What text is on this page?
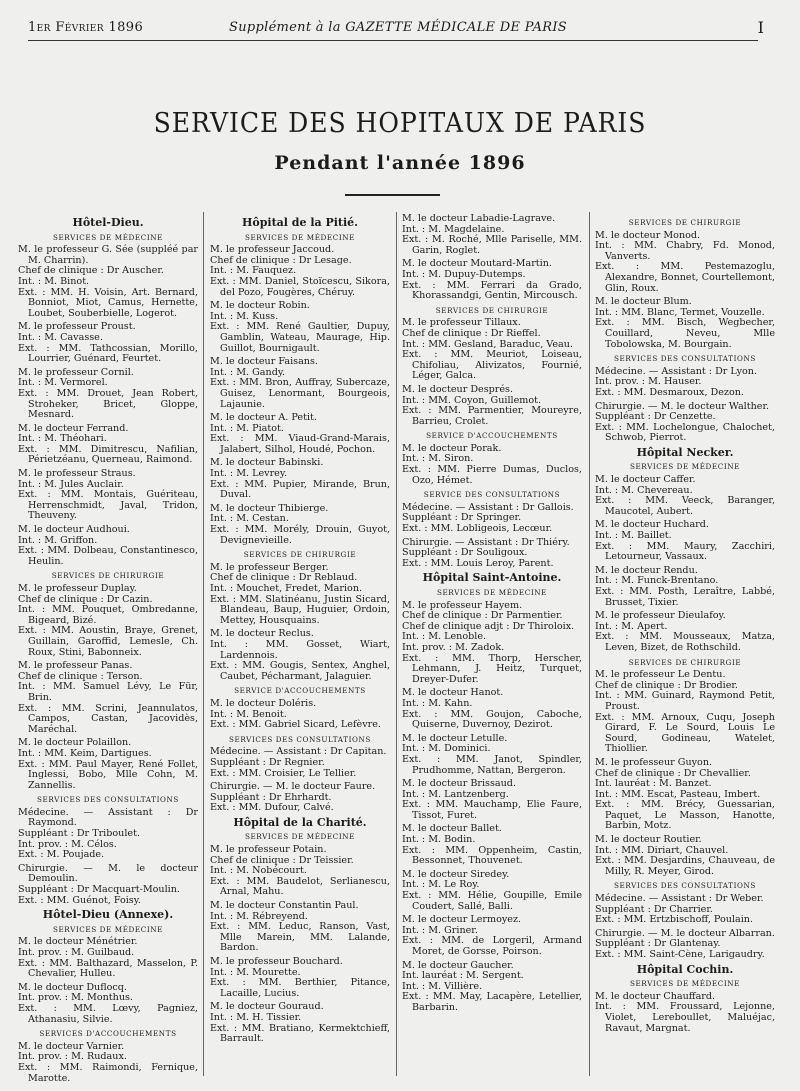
1er Février 1896	Supplément à la GAZETTE MÉDICALE DE PARIS	I
SERVICE DES HOPITAUX DE PARIS
Pendant l'année 1896
Hôtel-Dieu.
SERVICES DE MÉDECINE
M. le professeur G. Sée (suppléé par M. Charrin).
Chef de clinique : Dr Auscher.
Int. : M. Binot.
Ext. : MM. H. Voisin, Art. Bernard, Bonniot, Miot, Camus, Hernette, Loubet, Souberbielle, Logerot.
M. le professeur Proust.
Int. : M. Cavasse.
Ext. : MM. Tathcossian, Morillo, Lourrier, Guénard, Feurtet.
M. le professeur Cornil.
Int. : M. Vermorel.
Ext. : MM. Drouet, Jean Robert, Stroheker, Bricet, Gloppe, Mesnard.
M. le docteur Ferrand.
Int. : M. Théohari.
Ext. : MM. Dimitrescu, Nafilian, Périetzéanu, Querneau, Raimond.
M. le professeur Straus.
Int. : M. Jules Auclair.
Ext. : MM. Montais, Guériteau, Herrenschmidt, Javal, Tridon, Theuveny.
M. le docteur Audhoui.
Int. : M. Griffon.
Ext. : MM. Dolbeau, Constantinesco, Heulin.
SERVICES DE CHIRURGIE
M. le professeur Duplay.
Chef de clinique : Dr Cazin.
Int. : MM. Pouquet, Ombredanne, Bigeard, Bizé.
Ext. : MM. Aoustin, Braye, Grenet, Guillain, Garoffid, Lemesle, Ch. Roux, Stini, Babonneix.
M. le professeur Panas.
Chef de clinique : Terson.
Int. : MM. Samuel Lévy, Le Für, Brin.
Ext. : MM. Scrini, Jeannulatos, Campos, Castan, Jacovidès, Maréchal.
M. le docteur Polaillon.
Int. : MM. Keim, Dartigues.
Ext. : MM. Paul Mayer, René Follet, Inglessi, Bobo, Mlle Cohn, M. Zannellis.
SERVICES DES CONSULTATIONS
Médecine. — Assistant : Dr Raymond.
Suppléant : Dr Triboulet.
Int. prov. : M. Célos.
Ext. : M. Poujade.
Chirurgie. — M. le docteur Demoulin.
Suppléant : Dr Macquart-Moulin.
Ext. : MM. Guénot, Foisy.
Hôtel-Dieu (Annexe).
SERVICES DE MÉDECINE
M. le docteur Ménétrier.
Int. prov. : M. Guilbaud.
Ext. : MM. Balthazard, Masselon, P. Chevalier, Hulleu.
M. le docteur Duflocq.
Int. prov. : M. Monthus.
Ext. : MM. Lœvy, Pagniez, Athanasiu, Silvie.
SERVICES D'ACCOUCHEMENTS
M. le docteur Varnier.
Int. prov. : M. Rudaux.
Ext. : MM. Raimondi, Fernique, Marotte.
Hôpital de la Pitié.
SERVICES DE MÉDECINE
M. le professeur Jaccoud.
Chef de clinique : Dr Lesage.
Int. : M. Fauquez.
Ext. : MM. Daniel, Stoïcescu, Sikora, del Pozo, Fougères, Chéruy.
M. le docteur Robin.
Int. : M. Kuss.
Ext. : MM. René Gaultier, Dupuy, Gamblin, Wateau, Maurage, Hip. Guillot, Bournigault.
M. le docteur Faisans.
Int. : M. Gandy.
Ext. : MM. Bron, Auffray, Subercaze, Guisez, Lenormant, Bourgeois, Lajaunie.
M. le docteur A. Petit.
Int. : M. Piatot.
Ext. : MM. Viaud-Grand-Marais, Jalabert, Silhol, Houdé, Pochon.
M. le docteur Babinski.
Int. : M. Levrey.
Ext. : MM. Pupier, Mirande, Brun, Duval.
M. le docteur Thibierge.
Int. : M. Cestan.
Ext. : MM. Morély, Drouin, Guyot, Devignevieille.
SERVICES DE CHIRURGIE
M. le professeur Berger.
Chef de clinique : Dr Reblaud.
Int. : Mouchet, Fredet, Marion.
Ext. : MM. Slatinéanu, Justin Sicard, Blandeau, Baup, Huguier, Ordoin, Mettey, Housquains.
M. le docteur Reclus.
Int. : MM. Gosset, Wiart, Lardennois.
Ext. : MM. Gougis, Sentex, Anghel, Caubet, Pécharmant, Jalaguier.
SERVICE D'ACCOUCHEMENTS
M. le docteur Doléris.
Int. : M. Benoit.
Ext. : MM. Gabriel Sicard, Lefèvre.
SERVICES DES CONSULTATIONS
Médecine. — Assistant : Dr Capitan.
Suppléant : Dr Regnier.
Ext. : MM. Croisier, Le Tellier.
Chirurgie. — M. le docteur Faure.
Suppléant : Dr Ehrhardt.
Ext. : MM. Dufour, Calvé.
Hôpital de la Charité.
SERVICES DE MÉDECINE
M. le professeur Potain.
Chef de clinique : Dr Teissier.
Int. : M. Nobécourt.
Ext. : MM. Baudelot, Serlianescu, Arnal, Mahu.
M. le docteur Constantin Paul.
Int. : M. Rébreyend.
Ext. : MM. Leduc, Ranson, Vast, Mlle Marein, MM. Lalande, Bardon.
M. le professeur Bouchard.
Int. : M. Mourette.
Ext. : MM. Berthier, Pitance, Lacaille, Lucius.
M. le docteur Gouraud.
Int. : M. H. Tissier.
Ext. : MM. Bratiano, Kermektchieff, Barrault.
M. le docteur Labadie-Lagrave.
Int. : M. Magdelaine.
Ext. : M. Roché, Mlle Pariselle, MM. Garin, Roglet.
M. le docteur Moutard-Martin.
Int. : M. Dupuy-Dutemps.
Ext. : MM. Ferrari da Grado, Khorassandgi, Gentin, Mircousch.
SERVICES DE CHIRURGIE
M. le professeur Tillaux.
Chef de clinique : Dr Rieffel.
Int. : MM. Gesland, Baraduc, Veau.
Ext. : MM. Meuriot, Loiseau, Chifoliau, Alivizatos, Fournié, Léger, Galca.
M. le docteur Després.
Int. : MM. Coyon, Guillemot.
Ext. : MM. Parmentier, Moureyre, Barrieu, Crolet.
SERVICE D'ACCOUCHEMENTS
M. le docteur Porak.
Int. : M. Siron.
Ext. : MM. Pierre Dumas, Duclos, Ozo, Hémet.
SERVICE DES CONSULTATIONS
Médecine. — Assistant : Dr Gallois.
Suppléant : Dr Springer.
Ext. : MM. Lobligeois, Lecœur.
Chirurgie. — Assistant : Dr Thiéry.
Suppléant : Dr Souligoux.
Ext. : MM. Louis Leroy, Parent.
Hôpital Saint-Antoine.
SERVICES DE MÉDECINE
M. le professeur Hayem.
Chef de clinique : Dr Parmentier.
Chef de clinique adjt : Dr Thiroloix.
Int. : M. Lenoble.
Int. prov. : M. Zadok.
Ext. : MM. Thorp, Herscher, Lehmann, J. Heitz, Turquet, Dreyer-Dufer.
M. le docteur Hanot.
Int. : M. Kahn.
Ext. : MM. Goujon, Caboche, Quiserne, Duvernoy, Dezirot.
M. le docteur Letulle.
Int. : M. Dominici.
Ext. : MM. Janot, Spindler, Prudhomme, Nattan, Bergeron.
M. le docteur Brissaud.
Int. : M. Lantzenberg.
Ext. : MM. Mauchamp, Elie Faure, Tissot, Furet.
M. le docteur Ballet.
Int. : M. Bodin.
Ext. : MM. Oppenheim, Castin, Bessonnet, Thouvenet.
M. le docteur Siredey.
Int. : M. Le Roy.
Ext. : MM. Hélie, Goupille, Emile Coudert, Sallé, Balli.
M. le docteur Lermoyez.
Int. : M. Griner.
Ext. : MM. de Lorgeril, Armand Moret, de Gorsse, Poirson.
M. le docteur Gaucher.
Int. lauréat : M. Sergent.
Int. : M. Villière.
Ext. : MM. May, Lacapère, Letellier, Barbarin.
SERVICES DE CHIRURGIE
M. le docteur Monod.
Int. : MM. Chabry, Fd. Monod, Vanverts.
Ext. : MM. Pestemazoglu, Alexandre, Bonnet, Courtellemont, Glin, Roux.
M. le docteur Blum.
Int. : MM. Blanc, Termet, Vouzelle.
Ext. : MM. Bisch, Wegbecher, Couillard, Neveu, Mlle Tobolowska, M. Bourgain.
SERVICES DES CONSULTATIONS
Médecine. — Assistant : Dr Lyon.
Int. prov. : M. Hauser.
Ext. : MM. Desmaroux, Dezon.
Chirurgie. — M. le docteur Walther.
Suppléant : Dr Cenzette.
Ext. : MM. Lochelongue, Chalochet, Schwob, Pierrot.
Hôpital Necker.
SERVICES DE MÉDECINE
M. le docteur Caffer.
Int. : M. Chevereau.
Ext. : MM. Veeck, Baranger, Maucotel, Aubert.
M. le docteur Huchard.
Int. : M. Baillet.
Ext. : MM. Maury, Zacchiri, Letourneur, Vassaux.
M. le docteur Rendu.
Int. : M. Funck-Brentano.
Ext. : MM. Posth, Leraître, Labbé, Brusset, Tixier.
M. le professeur Dieulafoy.
Int. : M. Apert.
Ext. : MM. Mousseaux, Matza, Leven, Bizet, de Rothschild.
SERVICES DE CHIRURGIE
M. le professeur Le Dentu.
Chef de clinique : Dr Brodier.
Int. : MM. Guinard, Raymond Petit, Proust.
Ext. : MM. Arnoux, Cuqu, Joseph Girard, F. Le Sourd, Louis Le Sourd, Godineau, Watelet, Thiollier.
M. le professeur Guyon.
Chef de clinique : Dr Chevallier.
Int. lauréat : M. Banzet.
Int. : MM. Escat, Pasteau, Imbert.
Ext. : MM. Brécy, Guessarian, Paquet, Le Masson, Hanotte, Barbin, Motz.
M. le docteur Routier.
Int. : MM. Diriart, Chauvel.
Ext. : MM. Desjardins, Chauveau, de Milly, R. Meyer, Girod.
SERVICES DES CONSULTATIONS
Médecine. — Assistant : Dr Weber.
Suppléant : Dr Charrier.
Ext. : MM. Ertzbischoff, Poulain.
Chirurgie. — M. le docteur Albarran.
Suppléant : Dr Glantenay.
Ext. : MM. Saint-Cène, Larigaudry.
Hôpital Cochin.
SERVICES DE MÉDECINE
M. le docteur Chauffard.
Int. : MM. Froussard, Lejonne, Violet, Lereboullet, Maluéjac, Ravaut, Margnat.
